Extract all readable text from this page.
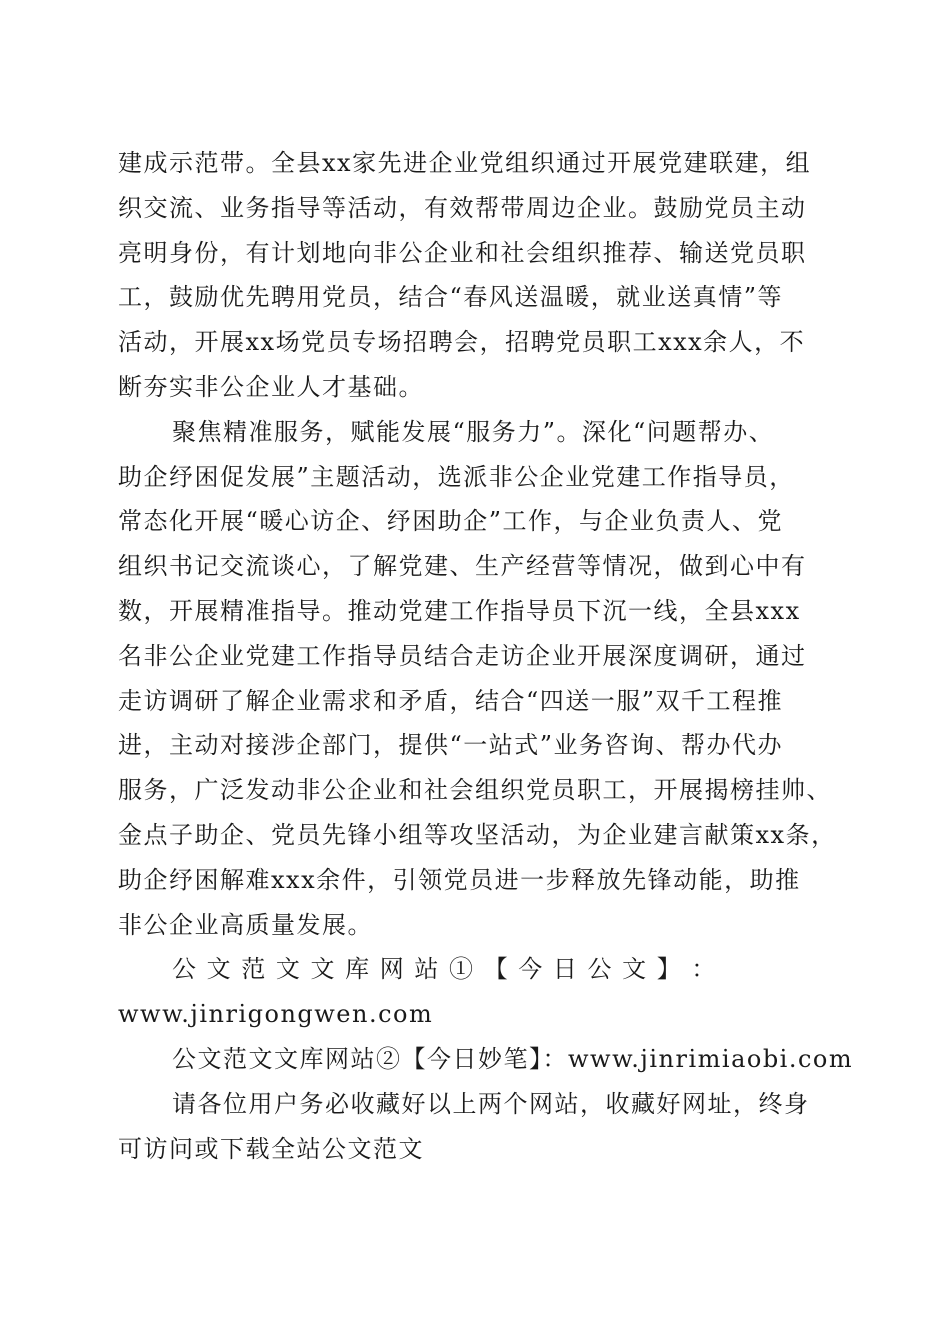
建成示范带。全县xx家先进企业党组织通过开展党建联建，组
织交流、业务指导等活动，有效帮带周边企业。鼓励党员主动
亮明身份，有计划地向非公企业和社会组织推荐、输送党员职
工，鼓励优先聘用党员，结合“春风送温暖，就业送真情”等
活动，开展xx场党员专场招聘会，招聘党员职工xxx余人，不
断夯实非公企业人才基础。
聚焦精准服务，赋能发展“服务力”。深化“问题帮办、
助企纾困促发展”主题活动，选派非公企业党建工作指导员，
常态化开展“暖心访企、纾困助企”工作，与企业负责人、党
组织书记交流谈心，了解党建、生产经营等情况，做到心中有
数，开展精准指导。推动党建工作指导员下沉一线，全县xxx
名非公企业党建工作指导员结合走访企业开展深度调研，通过
走访调研了解企业需求和矛盾，结合“四送一服”双千工程推
进，主动对接涉企部门，提供“一站式”业务咨询、帮办代办
服务，广泛发动非公企业和社会组织党员职工，开展揭榜挂帅、
金点子助企、党员先锋小组等攻坚活动，为企业建言献策xx条，
助企纾困解难xxx余件，引领党员进一步释放先锋动能，助推
非公企业高质量发展。
公 文 范 文 文 库 网 站 ① 【 今 日 公 文 】 ：
www.jinrigongwen.com
公文范文文库网站②【今日妙笔】：www.jinrimiaobi.com
请各位用户务必收藏好以上两个网站，收藏好网址，终身
可访问或下载全站公文范文
